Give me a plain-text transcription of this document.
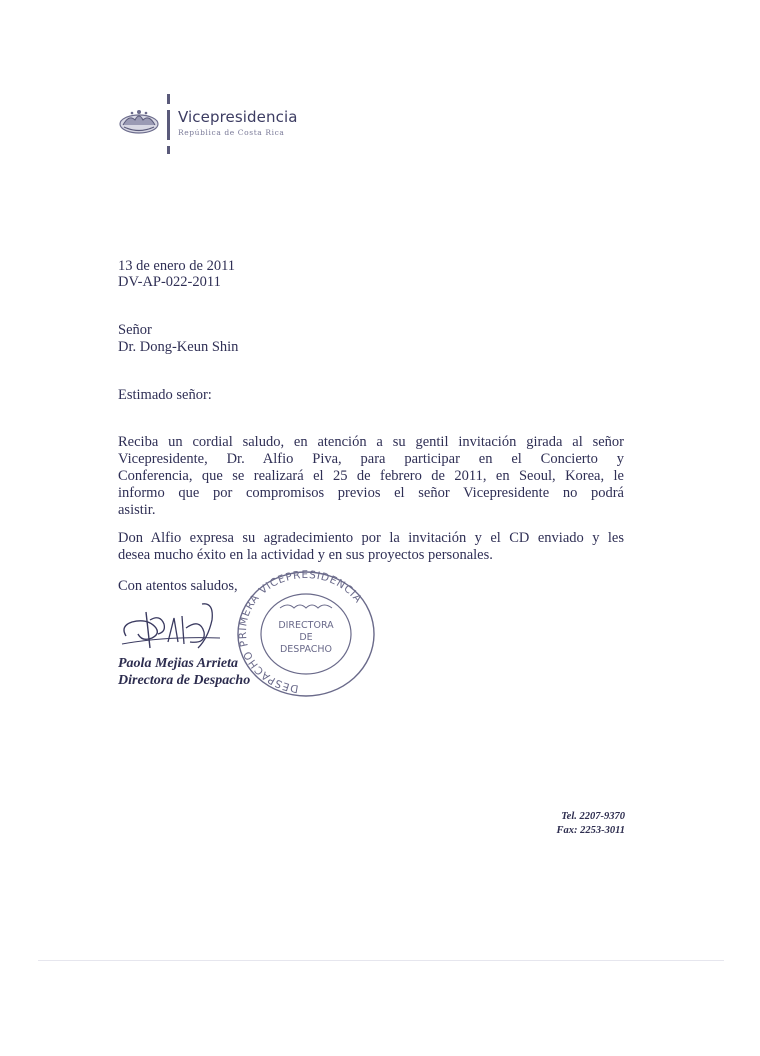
Vicepresidencia
República de Costa Rica
13 de enero de 2011
DV-AP-022-2011
Señor
Dr. Dong-Keun Shin
Estimado señor:
Reciba un cordial saludo, en atención a su gentil invitación girada al señor
Vicepresidente, Dr. Alfio Piva, para participar en el Concierto y
Conferencia, que se realizará el 25 de febrero de 2011, en Seoul, Korea, le
informo que por compromisos previos el señor Vicepresidente no podrá
asistir.
Don Alfio expresa su agradecimiento por la invitación y el CD enviado y les
desea mucho éxito en la actividad y en sus proyectos personales.
Con atentos saludos,
DESPACHO PRIMERA VICEPRESIDENCIA
DIRECTORA
DE
DESPACHO
Paola Mejias Arrieta
Directora de Despacho
Tel. 2207-9370
Fax: 2253-3011
